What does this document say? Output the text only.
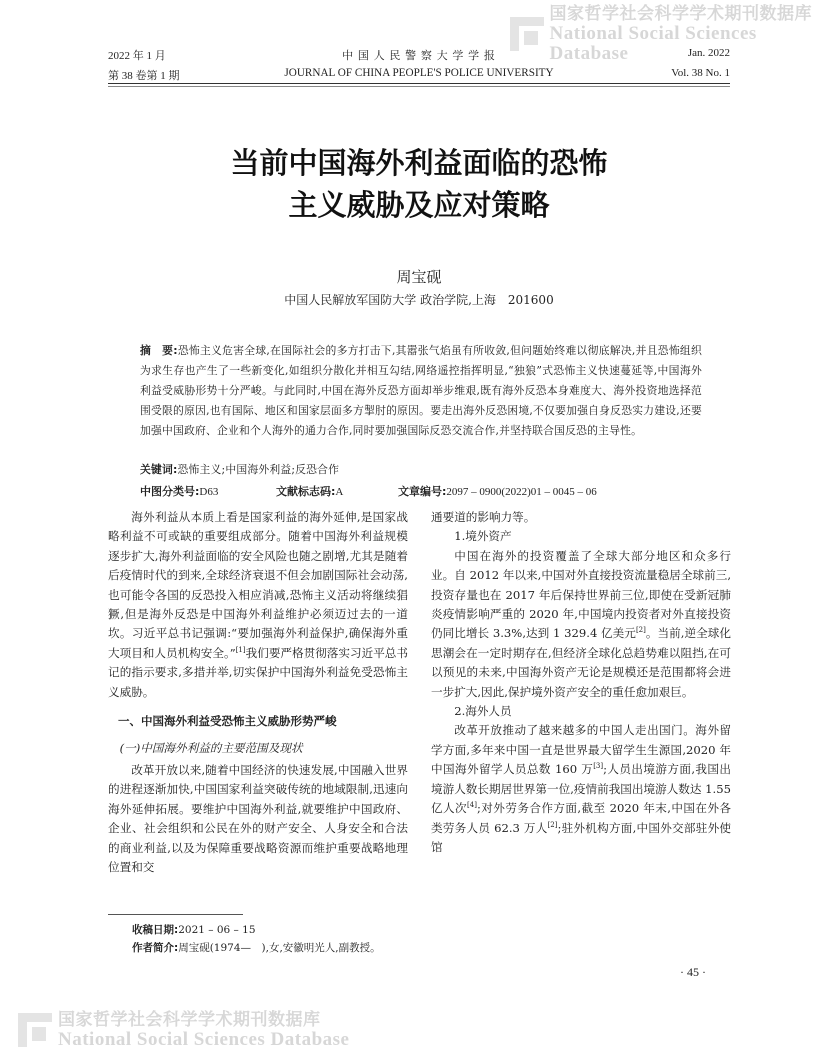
国家哲学社会科学学术期刊数据库
National Social Sciences Database
国家哲学社会科学学术期刊数据库
National Social Sciences Database
2022 年 1 月	中 国 人 民 警 察 大 学 学 报	Jan. 2022
第 38 卷第 1 期	JOURNAL OF CHINA PEOPLE'S POLICE UNIVERSITY	Vol. 38 No. 1
当前中国海外利益面临的恐怖
主义威胁及应对策略
周宝砚
中国人民解放军国防大学 政治学院,上海　201600
摘　要:恐怖主义危害全球,在国际社会的多方打击下,其嚣张气焰虽有所收敛,但问题始终难以彻底解决,并且恐怖组织为求生存也产生了一些新变化,如组织分散化并相互勾结,网络遥控指挥明显,“独狼”式恐怖主义快速蔓延等,中国海外利益受威胁形势十分严峻。与此同时,中国在海外反恐方面却举步维艰,既有海外反恐本身难度大、海外投资地选择范围受限的原因,也有国际、地区和国家层面多方掣肘的原因。要走出海外反恐困境,不仅要加强自身反恐实力建设,还要加强中国政府、企业和个人海外的通力合作,同时要加强国际反恐交流合作,并坚持联合国反恐的主导性。
关键词:恐怖主义;中国海外利益;反恐合作
中图分类号:D63	文献标志码:A	文章编号:2097 – 0900(2022)01 – 0045 – 06

海外利益从本质上看是国家利益的海外延伸,是国家战略利益不可或缺的重要组成部分。随着中国海外利益规模逐步扩大,海外利益面临的安全风险也随之剧增,尤其是随着后疫情时代的到来,全球经济衰退不但会加剧国际社会动荡,也可能令各国的反恐投入相应消减,恐怖主义活动将继续猖獗,但是海外反恐是中国海外利益维护必须迈过去的一道坎。习近平总书记强调:“要加强海外利益保护,确保海外重大项目和人员机构安全。”[1]我们要严格贯彻落实习近平总书记的指示要求,多措并举,切实保护中国海外利益免受恐怖主义威胁。

一、中国海外利益受恐怖主义威胁形势严峻

(一)中国海外利益的主要范围及现状

改革开放以来,随着中国经济的快速发展,中国融入世界的进程逐渐加快,中国国家利益突破传统的地域限制,迅速向海外延伸拓展。要维护中国海外利益,就要维护中国政府、企业、社会组织和公民在外的财产安全、人身安全和合法的商业利益,以及为保障重要战略资源而维护重要战略地理位置和交

通要道的影响力等。

1.境外资产

中国在海外的投资覆盖了全球大部分地区和众多行业。自 2012 年以来,中国对外直接投资流量稳居全球前三,投资存量也在 2017 年后保持世界前三位,即使在受新冠肺炎疫情影响严重的 2020 年,中国境内投资者对外直接投资仍同比增长 3.3%,达到 1 329.4 亿美元[2]。当前,逆全球化思潮会在一定时期存在,但经济全球化总趋势难以阻挡,在可以预见的未来,中国海外资产无论是规模还是范围都将会进一步扩大,因此,保护境外资产安全的重任愈加艰巨。

2.海外人员

改革开放推动了越来越多的中国人走出国门。海外留学方面,多年来中国一直是世界最大留学生生源国,2020 年中国海外留学人员总数 160 万[3];人员出境游方面,我国出境游人数长期居世界第一位,疫情前我国出境游人数达 1.55 亿人次[4];对外劳务合作方面,截至 2020 年末,中国在外各类劳务人员 62.3 万人[2];驻外机构方面,中国外交部驻外使馆

收稿日期:2021 – 06 – 15
作者简介:周宝砚(1974—　),女,安徽明光人,副教授。
· 45 ·
